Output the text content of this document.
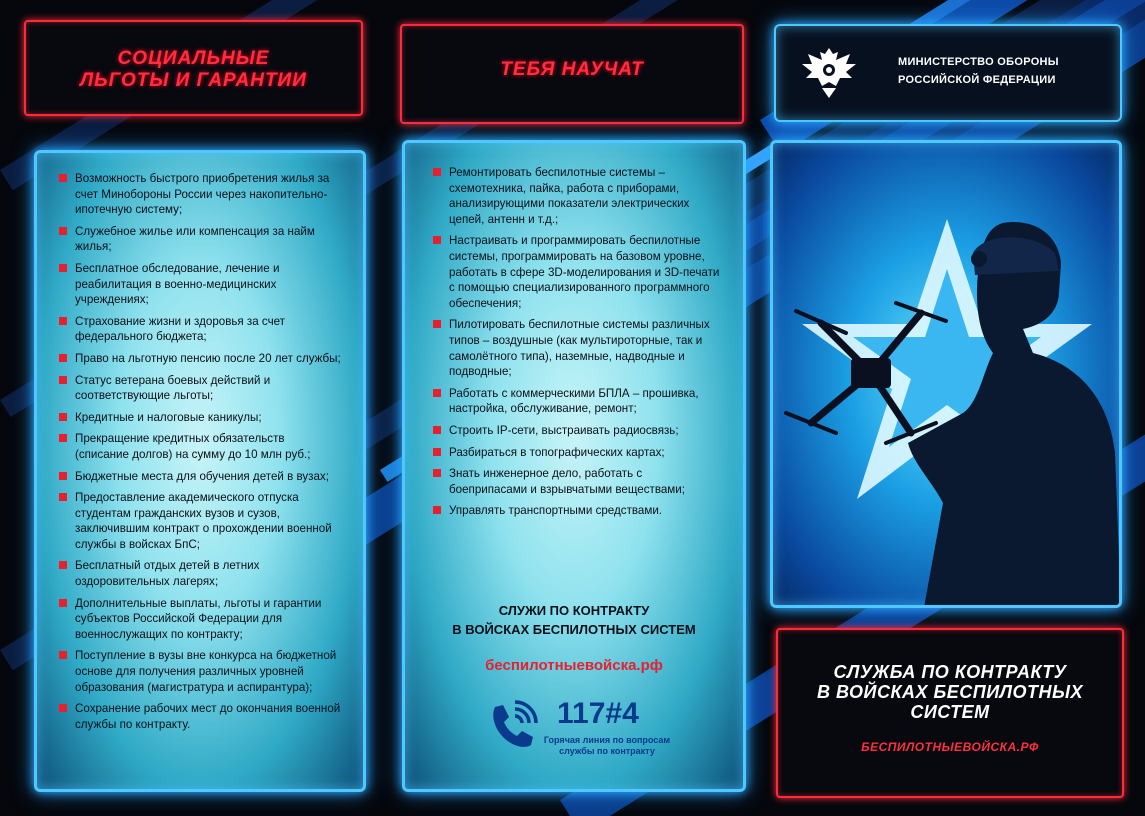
СОЦИАЛЬНЫЕ
ЛЬГОТЫ И ГАРАНТИИ
Возможность быстрого приобретения жилья за счет Минобороны России через накопительно-ипотечную систему;
Служебное жилье или компенсация за найм жилья;
Бесплатное обследование, лечение и реабилитация в военно-медицинских учреждениях;
Страхование жизни и здоровья за счет федерального бюджета;
Право на льготную пенсию после 20 лет службы;
Статус ветерана боевых действий и соответствующие льготы;
Кредитные и налоговые каникулы;
Прекращение кредитных обязательств (списание долгов) на сумму до 10 млн руб.;
Бюджетные места для обучения детей в вузах;
Предоставление академического отпуска студентам гражданских вузов и сузов, заключившим контракт о прохождении военной службы в войсках БпС;
Бесплатный отдых детей в летних оздоровительных лагерях;
Дополнительные выплаты, льготы и гарантии субъектов Российской Федерации для военнослужащих по контракту;
Поступление в вузы вне конкурса на бюджетной основе для получения различных уровней образования (магистратура и аспирантура);
Сохранение рабочих мест до окончания военной службы по контракту.
ТЕБЯ НАУЧАТ
Ремонтировать беспилотные системы – схемотехника, пайка, работа с приборами, анализирующими показатели электрических цепей, антенн и т.д.;
Настраивать и программировать беспилотные системы, программировать на базовом уровне, работать в сфере 3D-моделирования и 3D-печати с помощью специализированного программного обеспечения;
Пилотировать беспилотные системы различных типов – воздушные (как мультироторные, так и самолётного типа), наземные, надводные и подводные;
Работать с коммерческими БПЛА – прошивка, настройка, обслуживание, ремонт;
Строить IP-сети, выстраивать радиосвязь;
Разбираться в топографических картах;
Знать инженерное дело, работать с боеприпасами и взрывчатыми веществами;
Управлять транспортными средствами.
СЛУЖИ ПО КОНТРАКТУ
В ВОЙСКАХ БЕСПИЛОТНЫХ СИСТЕМ
беспилотныевойска.рф
117#4
Горячая линия по вопросам
службы по контракту
МИНИСТЕРСТВО ОБОРОНЫ
РОССИЙСКОЙ ФЕДЕРАЦИИ
СЛУЖБА ПО КОНТРАКТУ
В ВОЙСКАХ БЕСПИЛОТНЫХ
СИСТЕМ
БЕСПИЛОТНЫЕВОЙСКА.РФ
